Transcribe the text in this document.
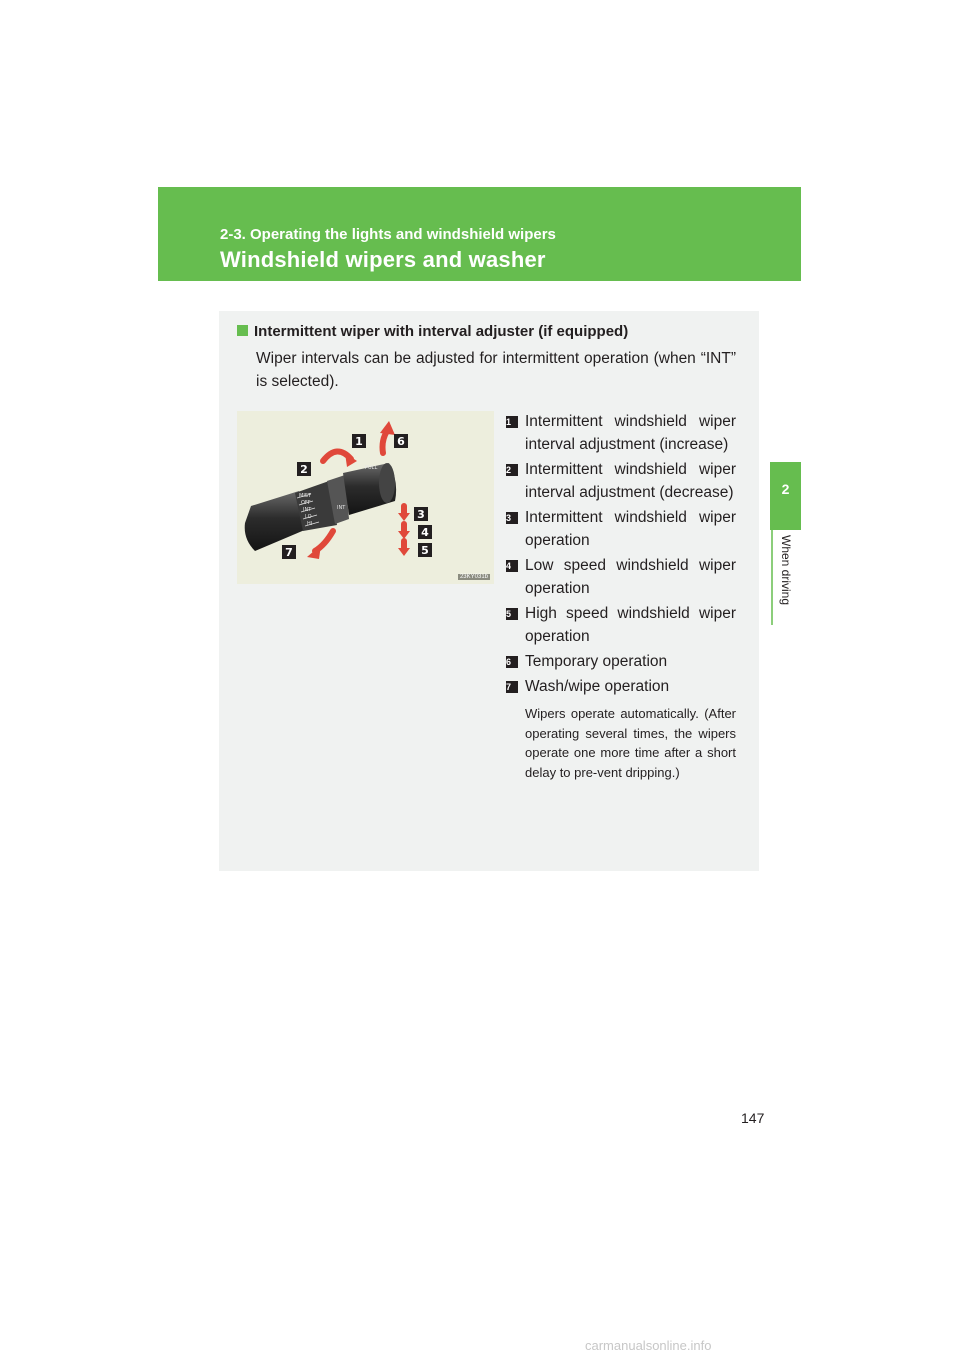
2-3. Operating the lights and windshield wipers
Windshield wipers and washer
2
When driving
Intermittent wiper with interval adjuster (if equipped)
Wiper intervals can be adjusted for intermittent operation (when “INT” is selected).
MIST
OFF
INT
LO
HI
INT
PULL
1
2
3
4
5
6
7
23KY031b
1 Intermittent windshield wiper interval adjustment (increase)
2 Intermittent windshield wiper interval adjustment (decrease)
3 Intermittent windshield wiper operation
4 Low speed windshield wiper operation
5 High speed windshield wiper operation
6 Temporary operation
7 Wash/wipe operation
Wipers operate automatically. (After operating several times, the wipers operate one more time after a short delay to pre-vent dripping.)
147
carmanualsonline.info
